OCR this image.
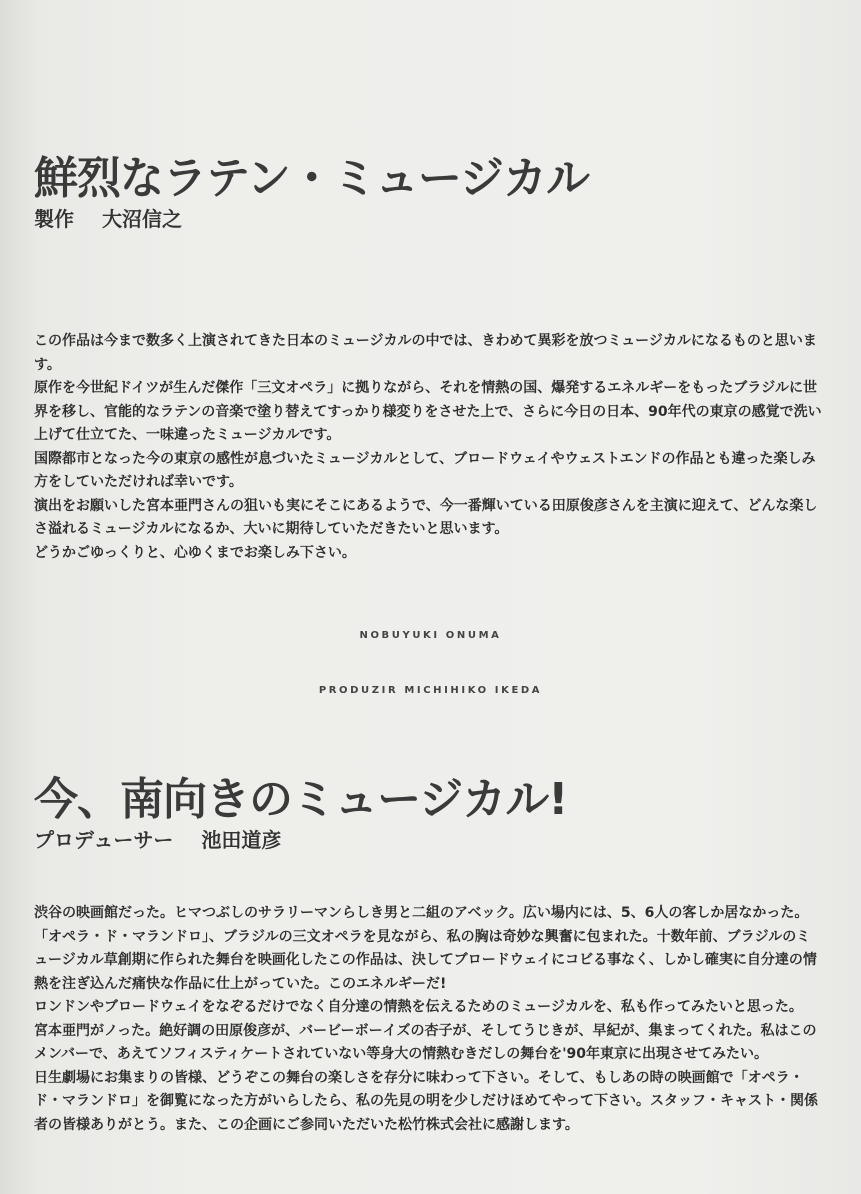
鮮烈なラテン・ミュージカル
製作 大沼信之

この作品は今まで数多く上演されてきた日本のミュージカルの中では、きわめて異彩を放つミュージカルになるものと思います。

原作を今世紀ドイツが生んだ傑作「三文オペラ」に拠りながら、それを情熱の国、爆発するエネルギーをもったブラジルに世界を移し、官能的なラテンの音楽で塗り替えてすっかり様変りをさせた上で、さらに今日の日本、90年代の東京の感覚で洗い上げて仕立てた、一味違ったミュージカルです。

国際都市となった今の東京の感性が息づいたミュージカルとして、ブロードウェイやウェストエンドの作品とも違った楽しみ方をしていただければ幸いです。

演出をお願いした宮本亜門さんの狙いも実にそこにあるようで、今一番輝いている田原俊彦さんを主演に迎えて、どんな楽しさ溢れるミュージカルになるか、大いに期待していただきたいと思います。

どうかごゆっくりと、心ゆくまでお楽しみ下さい。

NOBUYUKI ONUMA
PRODUZIR MICHIHIKO IKEDA
今、南向きのミュージカル!
プロデューサー 池田道彦

渋谷の映画館だった。ヒマつぶしのサラリーマンらしき男と二組のアベック。広い場内には、5、6人の客しか居なかった。「オペラ・ド・マランドロ」、ブラジルの三文オペラを見ながら、私の胸は奇妙な興奮に包まれた。十数年前、ブラジルのミュージカル草創期に作られた舞台を映画化したこの作品は、決してブロードウェイにコビる事なく、しかし確実に自分達の情熱を注ぎ込んだ痛快な作品に仕上がっていた。このエネルギーだ!

ロンドンやブロードウェイをなぞるだけでなく自分達の情熱を伝えるためのミュージカルを、私も作ってみたいと思った。

宮本亜門がノった。絶好調の田原俊彦が、バービーボーイズの杏子が、そしてうじきが、早紀が、集まってくれた。私はこのメンバーで、あえてソフィスティケートされていない等身大の情熱むきだしの舞台を'90年東京に出現させてみたい。

日生劇場にお集まりの皆様、どうぞこの舞台の楽しさを存分に味わって下さい。そして、もしあの時の映画館で「オペラ・ド・マランドロ」を御覧になった方がいらしたら、私の先見の明を少しだけほめてやって下さい。スタッフ・キャスト・関係者の皆様ありがとう。また、この企画にご参同いただいた松竹株式会社に感謝します。
